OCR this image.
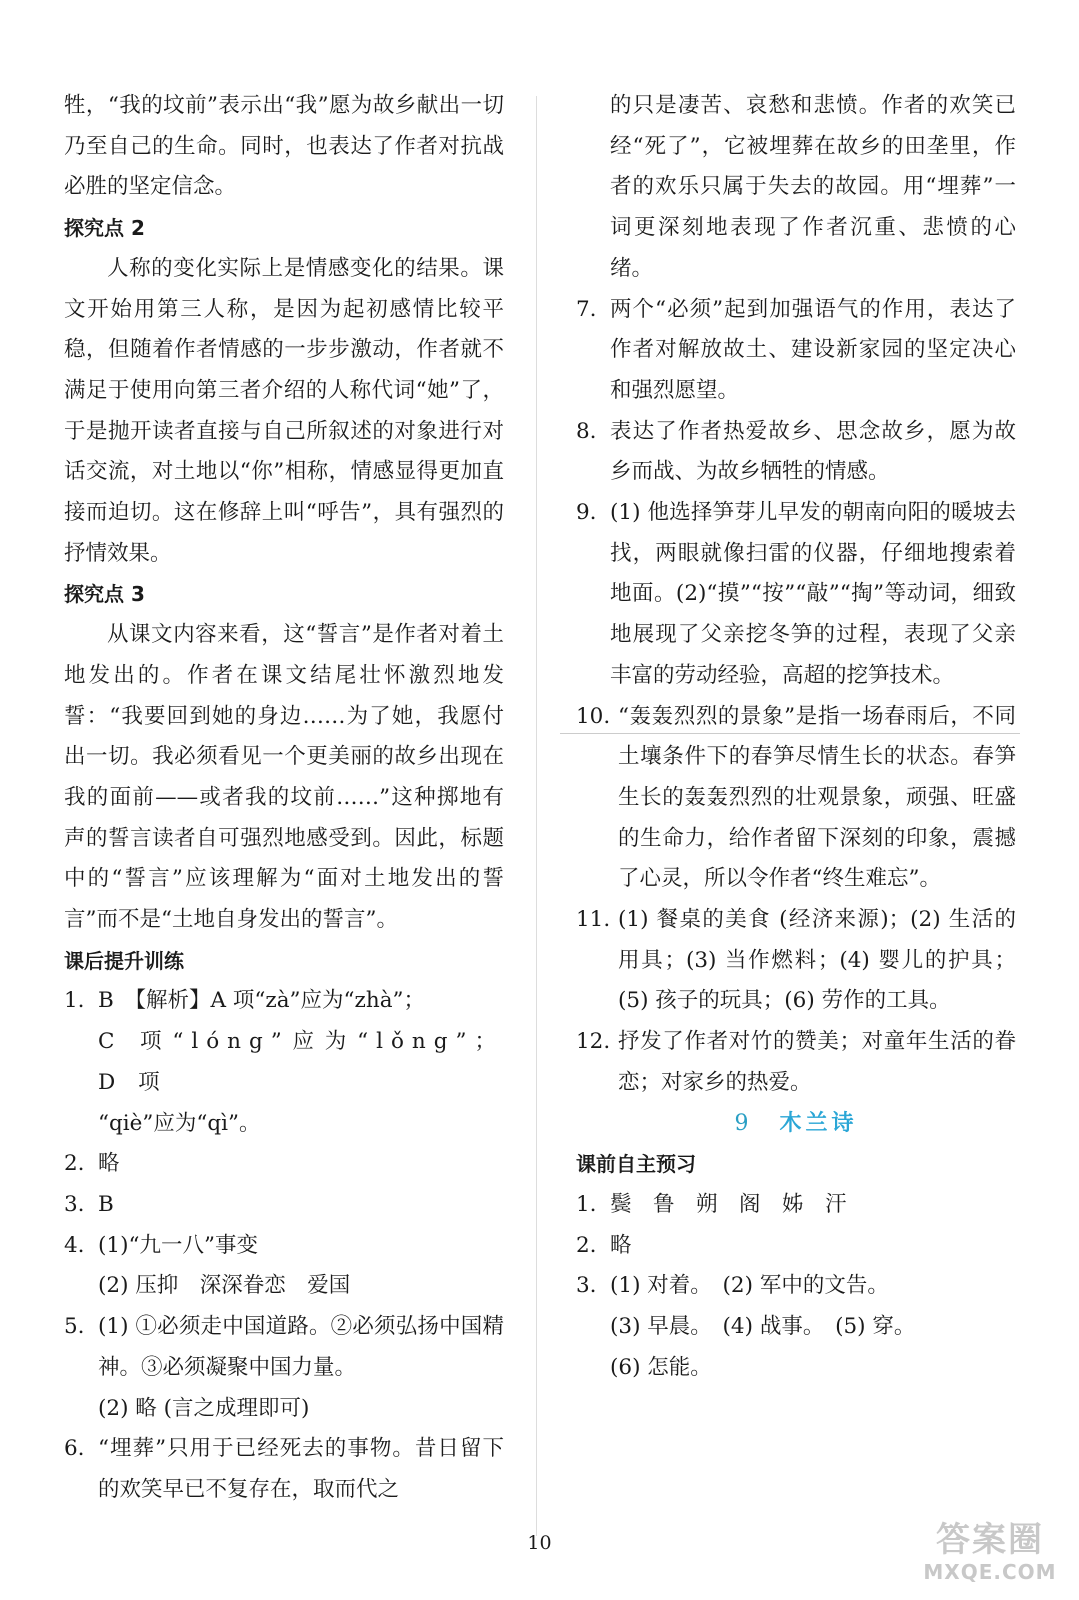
牲，“我的坟前”表示出“我”愿为故乡献出一切乃至自己的生命。同时，也表达了作者对抗战必胜的坚定信念。

探究点 2

人称的变化实际上是情感变化的结果。课文开始用第三人称，是因为起初感情比较平稳，但随着作者情感的一步步激动，作者就不满足于使用向第三者介绍的人称代词“她”了，于是抛开读者直接与自己所叙述的对象进行对话交流，对土地以“你”相称，情感显得更加直接而迫切。这在修辞上叫“呼告”，具有强烈的抒情效果。

探究点 3

从课文内容来看，这“誓言”是作者对着土地发出的。作者在课文结尾壮怀激烈地发誓：“我要回到她的身边……为了她，我愿付出一切。我必须看见一个更美丽的故乡出现在我的面前——或者我的坟前……”这种掷地有声的誓言读者自可强烈地感受到。因此，标题中的“誓言”应该理解为“面对土地发出的誓言”而不是“土地自身发出的誓言”。

课后提升训练
1. B　【解析】A 项“zà”应为“zhà”；
C 项“lóng”应为“lǒng”；D 项
“qiè”应为“qì”。
2. 略
3. B
4. (1)“九一八”事变
(2) 压抑　深深眷恋　爱国
5. (1) ①必须走中国道路。②必须弘扬中国精神。③必须凝聚中国力量。
(2) 略 (言之成理即可)
6. “埋葬”只用于已经死去的事物。昔日留下的欢笑早已不复存在，取而代之

的只是凄苦、哀愁和悲愤。作者的欢笑已经“死了”，它被埋葬在故乡的田垄里，作者的欢乐只属于失去的故园。用“埋葬”一词更深刻地表现了作者沉重、悲愤的心绪。

7. 两个“必须”起到加强语气的作用，表达了作者对解放故土、建设新家园的坚定决心和强烈愿望。
8. 表达了作者热爱故乡、思念故乡，愿为故乡而战、为故乡牺牲的情感。
9. (1) 他选择笋芽儿早发的朝南向阳的暖坡去找，两眼就像扫雷的仪器，仔细地搜索着地面。(2)“摸”“按”“敲”“掏”等动词，细致地展现了父亲挖冬笋的过程，表现了父亲丰富的劳动经验，高超的挖笋技术。
10. “轰轰烈烈的景象”是指一场春雨后，不同土壤条件下的春笋尽情生长的状态。春笋生长的轰轰烈烈的壮观景象，顽强、旺盛的生命力，给作者留下深刻的印象，震撼了心灵，所以令作者“终生难忘”。
11. (1) 餐桌的美食 (经济来源)；(2) 生活的用具；(3) 当作燃料；(4) 婴儿的护具；(5) 孩子的玩具；(6) 劳作的工具。
12. 抒发了作者对竹的赞美；对童年生活的眷恋；对家乡的热爱。
9 木兰诗
课前自主预习
1. 鬓　鲁　朔　阁　姊　汗
2. 略
3. (1) 对着。　(2) 军中的文告。
(3) 早晨。　(4) 战事。　(5) 穿。
(6) 怎能。
10	答案圈
MXQE.COM
